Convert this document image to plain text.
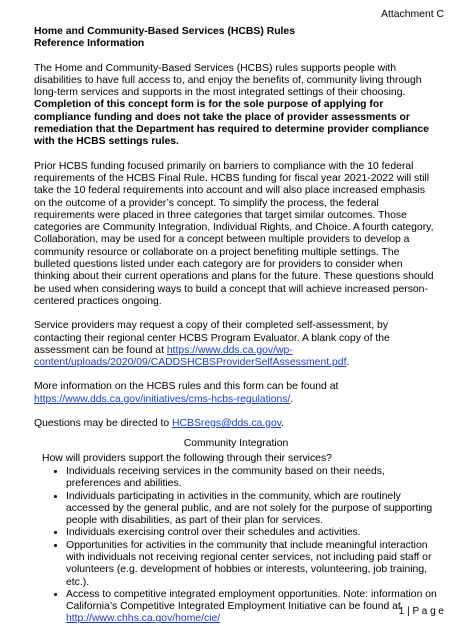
Attachment C
Home and Community-Based Services (HCBS) Rules
Reference Information

The Home and Community-Based Services (HCBS) rules supports people with disabilities to have full access to, and enjoy the benefits of, community living through long-term services and supports in the most integrated settings of their choosing. Completion of this concept form is for the sole purpose of applying for compliance funding and does not take the place of provider assessments or remediation that the Department has required to determine provider compliance with the HCBS settings rules.

Prior HCBS funding focused primarily on barriers to compliance with the 10 federal requirements of the HCBS Final Rule. HCBS funding for fiscal year 2021-2022 will still take the 10 federal requirements into account and will also place increased emphasis on the outcome of a provider’s concept. To simplify the process, the federal requirements were placed in three categories that target similar outcomes. Those categories are Community Integration, Individual Rights, and Choice. A fourth category, Collaboration, may be used for a concept between multiple providers to develop a community resource or collaborate on a project benefiting multiple settings. The bulleted questions listed under each category are for providers to consider when thinking about their current operations and plans for the future. These questions should be used when considering ways to build a concept that will achieve increased person-centered practices ongoing.

Service providers may request a copy of their completed self-assessment, by contacting their regional center HCBS Program Evaluator. A blank copy of the assessment can be found at https://www.dds.ca.gov/wp-content/uploads/2020/09/CADDSHCBSProviderSelfAssessment.pdf.

More information on the HCBS rules and this form can be found at https://www.dds.ca.gov/initiatives/cms-hcbs-regulations/.

Questions may be directed to HCBSregs@dds.ca.gov.

Community Integration
How will providers support the following through their services?
• Individuals receiving services in the community based on their needs, preferences and abilities.
• Individuals participating in activities in the community, which are routinely accessed by the general public, and are not solely for the purpose of supporting people with disabilities, as part of their plan for services.
• Individuals exercising control over their schedules and activities.
• Opportunities for activities in the community that include meaningful interaction with individuals not receiving regional center services, not including paid staff or volunteers (e.g. development of hobbies or interests, volunteering, job training, etc.).
• Access to competitive integrated employment opportunities. Note: information on California’s Competitive Integrated Employment Initiative can be found at http://www.chhs.ca.gov/home/cie/
1 | P a g e
